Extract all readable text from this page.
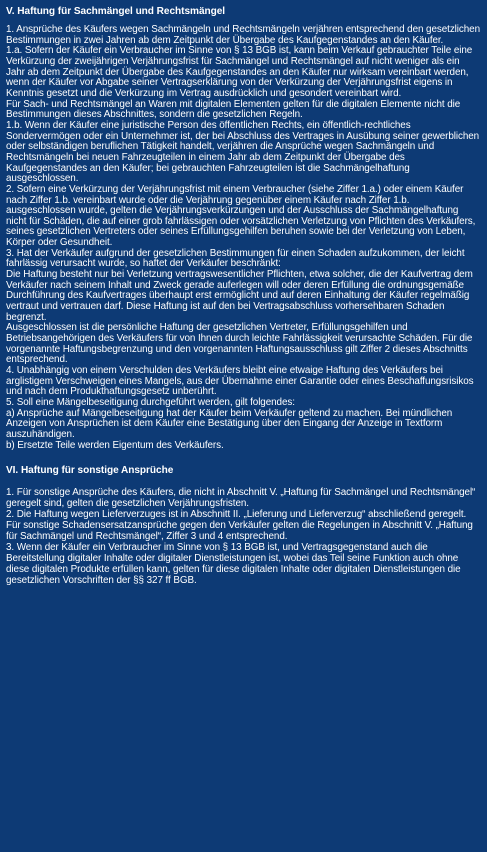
V. Haftung für Sachmängel und Rechtsmängel

1. Ansprüche des Käufers wegen Sachmängeln und Rechtsmängeln verjähren entsprechend den gesetzlichen Bestimmungen in zwei Jahren ab dem Zeitpunkt der Übergabe des Kaufgegenstandes an den Käufer.
1.a. Sofern der Käufer ein Verbraucher im Sinne von § 13 BGB ist, kann beim Verkauf gebrauchter Teile eine Verkürzung der zweijährigen Verjährungsfrist für Sachmängel und Rechtsmängel auf nicht weniger als ein Jahr ab dem Zeitpunkt der Übergabe des Kaufgegenstandes an den Käufer nur wirksam vereinbart werden, wenn der Käufer vor Abgabe seiner Vertragserklärung von der Verkürzung der Verjährungsfrist eigens in Kenntnis gesetzt und die Verkürzung im Vertrag ausdrücklich und gesondert vereinbart wird.
Für Sach- und Rechtsmängel an Waren mit digitalen Elementen gelten für die digitalen Elemente nicht die Bestimmungen dieses Abschnittes, sondern die gesetzlichen Regeln.
1.b. Wenn der Käufer eine juristische Person des öffentlichen Rechts, ein öffentlich-rechtliches Sondervermögen oder ein Unternehmer ist, der bei Abschluss des Vertrages in Ausübung seiner gewerblichen oder selbständigen beruflichen Tätigkeit handelt, verjähren die Ansprüche wegen Sachmängeln und Rechtsmängeln bei neuen Fahrzeugteilen in einem Jahr ab dem Zeitpunkt der Übergabe des Kaufgegenstandes an den Käufer; bei gebrauchten Fahrzeugteilen ist die Sachmängelhaftung ausgeschlossen.
2. Sofern eine Verkürzung der Verjährungsfrist mit einem Verbraucher (siehe Ziffer 1.a.) oder einem Käufer nach Ziffer 1.b. vereinbart wurde oder die Verjährung gegenüber einem Käufer nach Ziffer 1.b. ausgeschlossen wurde, gelten die Verjährungsverkürzungen und der Ausschluss der Sachmängelhaftung nicht für Schäden, die auf einer grob fahrlässigen oder vorsätzlichen Verletzung von Pflichten des Verkäufers, seines gesetzlichen Vertreters oder seines Erfüllungsgehilfen beruhen sowie bei der Verletzung von Leben, Körper oder Gesundheit.
3. Hat der Verkäufer aufgrund der gesetzlichen Bestimmungen für einen Schaden aufzukommen, der leicht fahrlässig verursacht wurde, so haftet der Verkäufer beschränkt:
Die Haftung besteht nur bei Verletzung vertragswesentlicher Pflichten, etwa solcher, die der Kaufvertrag dem Verkäufer nach seinem Inhalt und Zweck gerade auferlegen will oder deren Erfüllung die ordnungsgemäße Durchführung des Kaufvertrages überhaupt erst ermöglicht und auf deren Einhaltung der Käufer regelmäßig vertraut und vertrauen darf. Diese Haftung ist auf den bei Vertragsabschluss vorhersehbaren Schaden begrenzt.
Ausgeschlossen ist die persönliche Haftung der gesetzlichen Vertreter, Erfüllungsgehilfen und Betriebsangehörigen des Verkäufers für von Ihnen durch leichte Fahrlässigkeit verursachte Schäden. Für die vorgenannte Haftungsbegrenzung und den vorgenannten Haftungsausschluss gilt Ziffer 2 dieses Abschnitts entsprechend.
4. Unabhängig von einem Verschulden des Verkäufers bleibt eine etwaige Haftung des Verkäufers bei arglistigem Verschweigen eines Mangels, aus der Übernahme einer Garantie oder eines Beschaffungsrisikos und nach dem Produkthaftungsgesetz unberührt.
5. Soll eine Mängelbeseitigung durchgeführt werden, gilt folgendes:
a) Ansprüche auf Mängelbeseitigung hat der Käufer beim Verkäufer geltend zu machen. Bei mündlichen Anzeigen von Ansprüchen ist dem Käufer eine Bestätigung über den Eingang der Anzeige in Textform auszuhändigen.
b) Ersetzte Teile werden Eigentum des Verkäufers.

VI. Haftung für sonstige Ansprüche

1. Für sonstige Ansprüche des Käufers, die nicht in Abschnitt V. „Haftung für Sachmängel und Rechtsmängel“ geregelt sind, gelten die gesetzlichen Verjährungsfristen.
2. Die Haftung wegen Lieferverzuges ist in Abschnitt II. „Lieferung und Lieferverzug“ abschließend geregelt. Für sonstige Schadensersatzansprüche gegen den Verkäufer gelten die Regelungen in Abschnitt V. „Haftung für Sachmängel und Rechtsmängel“, Ziffer 3 und 4 entsprechend.
3. Wenn der Käufer ein Verbraucher im Sinne von § 13 BGB ist, und Vertragsgegenstand auch die Bereitstellung digitaler Inhalte oder digitaler Dienstleistungen ist, wobei das Teil seine Funktion auch ohne diese digitalen Produkte erfüllen kann, gelten für diese digitalen Inhalte oder digitalen Dienstleistungen die gesetzlichen Vorschriften der §§ 327 ff BGB.
